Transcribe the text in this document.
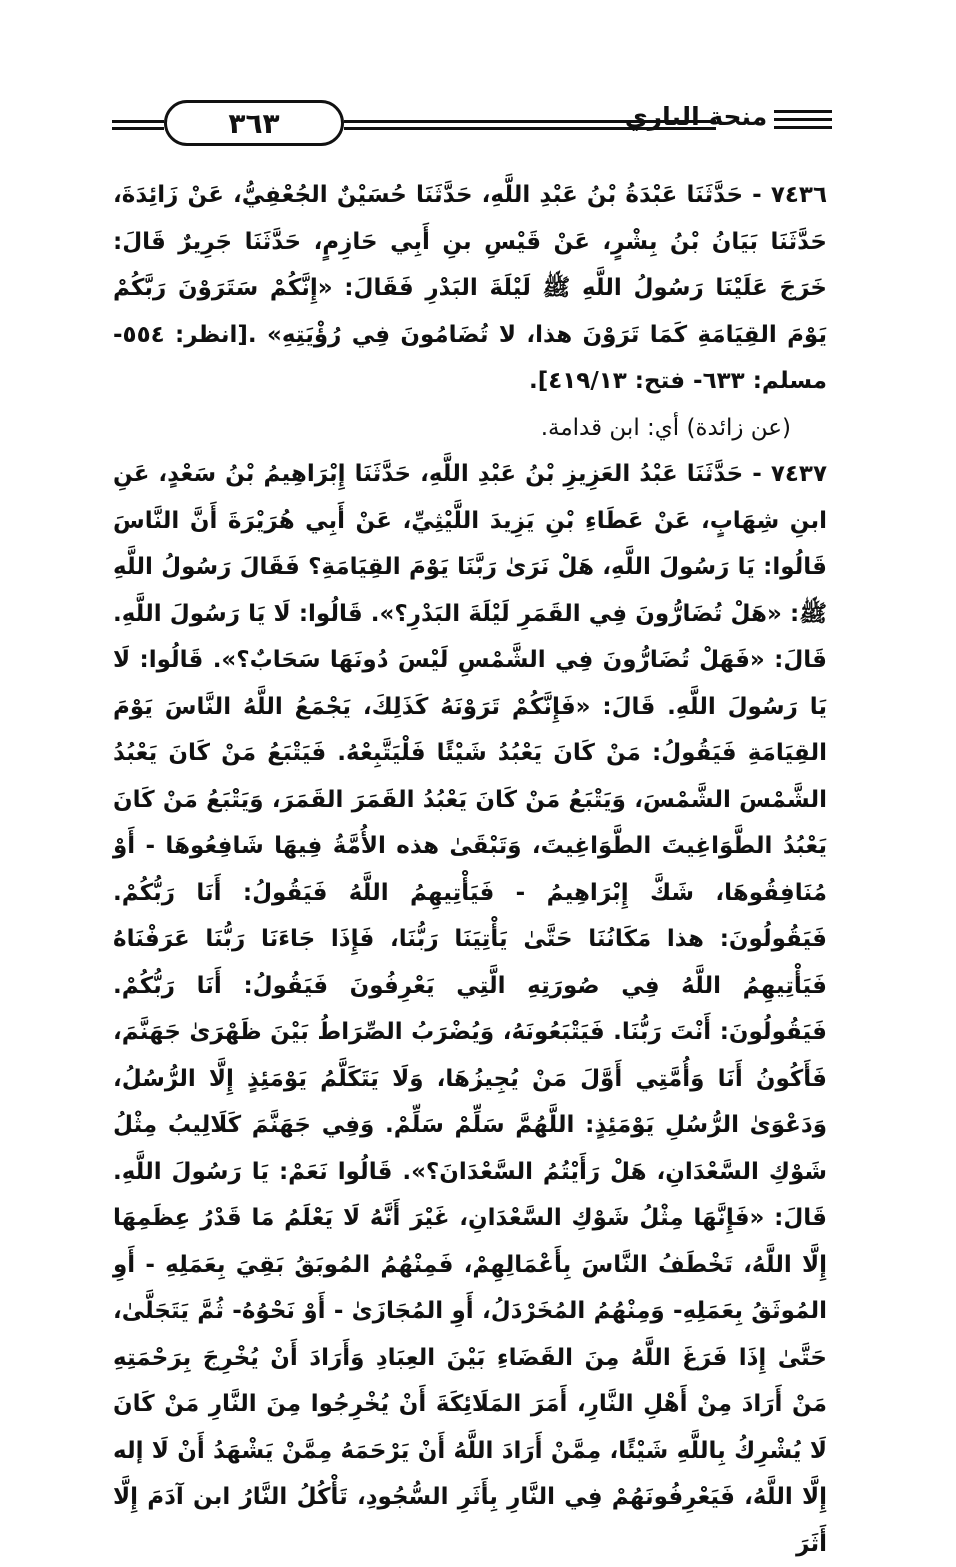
٣٦٣	منحة الباري

٧٤٣٦ - حَدَّثَنَا عَبْدَةُ بْنُ عَبْدِ اللَّهِ، حَدَّثَنَا حُسَيْنٌ الجُعْفِيُّ، عَنْ زَائِدَةَ، حَدَّثَنَا بَيَانُ بْنُ بِشْرٍ، عَنْ قَيْسِ بنِ أَبِي حَازِمٍ، حَدَّثَنَا جَرِيرٌ قَالَ: خَرَجَ عَلَيْنَا رَسُولُ اللَّهِ ﷺ لَيْلَةَ البَدْرِ فَقَالَ: «إِنَّكُمْ سَتَرَوْنَ رَبَّكُمْ يَوْمَ القِيَامَةِ كَمَا تَرَوْنَ هذا، لا تُضَامُونَ فِي رُؤْيَتِهِ» .[انظر: ٥٥٤- مسلم: ٦٣٣- فتح: ٤١٩/١٣].

(عن زائدة) أي: ابن قدامة.

٧٤٣٧ - حَدَّثَنَا عَبْدُ العَزِيزِ بْنُ عَبْدِ اللَّهِ، حَدَّثَنَا إِبْرَاهِيمُ بْنُ سَعْدٍ، عَنِ ابنِ شِهَابٍ، عَنْ عَطَاءِ بْنِ يَزِيدَ اللَّيْثِيِّ، عَنْ أَبِي هُرَيْرَةَ أَنَّ النَّاسَ قَالُوا: يَا رَسُولَ اللَّهِ، هَلْ نَرَىٰ رَبَّنَا يَوْمَ القِيَامَةِ؟ فَقَالَ رَسُولُ اللَّهِ ﷺ: «هَلْ تُضَارُّونَ فِي القَمَرِ لَيْلَةَ البَدْرِ؟». قَالُوا: لَا يَا رَسُولَ اللَّهِ. قَالَ: «فَهَلْ تُضَارُّونَ فِي الشَّمْسِ لَيْسَ دُونَهَا سَحَابٌ؟». قَالُوا: لَا يَا رَسُولَ اللَّهِ. قَالَ: «فَإِنَّكُمْ تَرَوْنَهُ كَذَلِكَ، يَجْمَعُ اللَّهُ النَّاسَ يَوْمَ القِيَامَةِ فَيَقُولُ: مَنْ كَانَ يَعْبُدُ شَيْئًا فَلْيَتَّبِعْهُ. فَيَتْبَعُ مَنْ كَانَ يَعْبُدُ الشَّمْسَ الشَّمْسَ، وَيَتْبَعُ مَنْ كَانَ يَعْبُدُ القَمَرَ القَمَرَ، وَيَتْبَعُ مَنْ كَانَ يَعْبُدُ الطَّوَاغِيتَ الطَّوَاغِيتَ، وَتَبْقَىٰ هذه الأُمَّةُ فِيهَا شَافِعُوهَا - أَوْ مُنَافِقُوهَا، شَكَّ إِبْرَاهِيمُ - فَيَأْتِيهِمُ اللَّهُ فَيَقُولُ: أَنَا رَبُّكُمْ. فَيَقُولُونَ: هذا مَكَانُنَا حَتَّىٰ يَأْتِيَنَا رَبُّنَا، فَإِذَا جَاءَنَا رَبُّنَا عَرَفْنَاهُ فَيَأْتِيهِمُ اللَّهُ فِي صُورَتِهِ الَّتِي يَعْرِفُونَ فَيَقُولُ: أَنَا رَبُّكُمْ. فَيَقُولُونَ: أَنْتَ رَبُّنَا. فَيَتْبَعُونَهُ، وَيُضْرَبُ الصِّرَاطُ بَيْنَ ظَهْرَىٰ جَهَنَّمَ، فَأَكُونُ أَنَا وَأُمَّتِي أَوَّلَ مَنْ يُجِيزُهَا، وَلَا يَتَكَلَّمُ يَوْمَئِذٍ إِلَّا الرُّسُلُ، وَدَعْوَىٰ الرُّسُلِ يَوْمَئِذٍ: اللَّهُمَّ سَلِّمْ سَلِّمْ. وَفِي جَهَنَّمَ كَلَالِيبُ مِثْلُ شَوْكِ السَّعْدَانِ، هَلْ رَأَيْتُمُ السَّعْدَانَ؟». قَالُوا نَعَمْ: يَا رَسُولَ اللَّهِ. قَالَ: «فَإِنَّهَا مِثْلُ شَوْكِ السَّعْدَانِ، غَيْرَ أَنَّهُ لَا يَعْلَمُ مَا قَدْرُ عِظَمِهَا إِلَّا اللَّهُ، تَخْطَفُ النَّاسَ بِأَعْمَالِهِمْ، فَمِنْهُمُ المُوبَقُ بَقِيَ بِعَمَلِهِ - أَوِ المُوثَقُ بِعَمَلِهِ- وَمِنْهُمُ المُخَرْدَلُ، أَوِ المُجَازَىٰ - أَوْ نَحْوُهُ- ثُمَّ يَتَجَلَّىٰ، حَتَّىٰ إِذَا فَرَغَ اللَّهُ مِنَ القَضَاءِ بَيْنَ العِبَادِ وَأَرَادَ أَنْ يُخْرِجَ بِرَحْمَتِهِ مَنْ أَرَادَ مِنْ أَهْلِ النَّارِ، أَمَرَ المَلَائِكَةَ أَنْ يُخْرِجُوا مِنَ النَّارِ مَنْ كَانَ لَا يُشْرِكُ بِاللَّهِ شَيْئًا، مِمَّنْ أَرَادَ اللَّهُ أَنْ يَرْحَمَهُ مِمَّنْ يَشْهَدُ أَنْ لَا إله إِلَّا اللَّهُ، فَيَعْرِفُونَهُمْ فِي النَّارِ بِأَثَرِ السُّجُودِ، تَأْكُلُ النَّارُ ابن آدَمَ إِلَّا أَثَرَ
